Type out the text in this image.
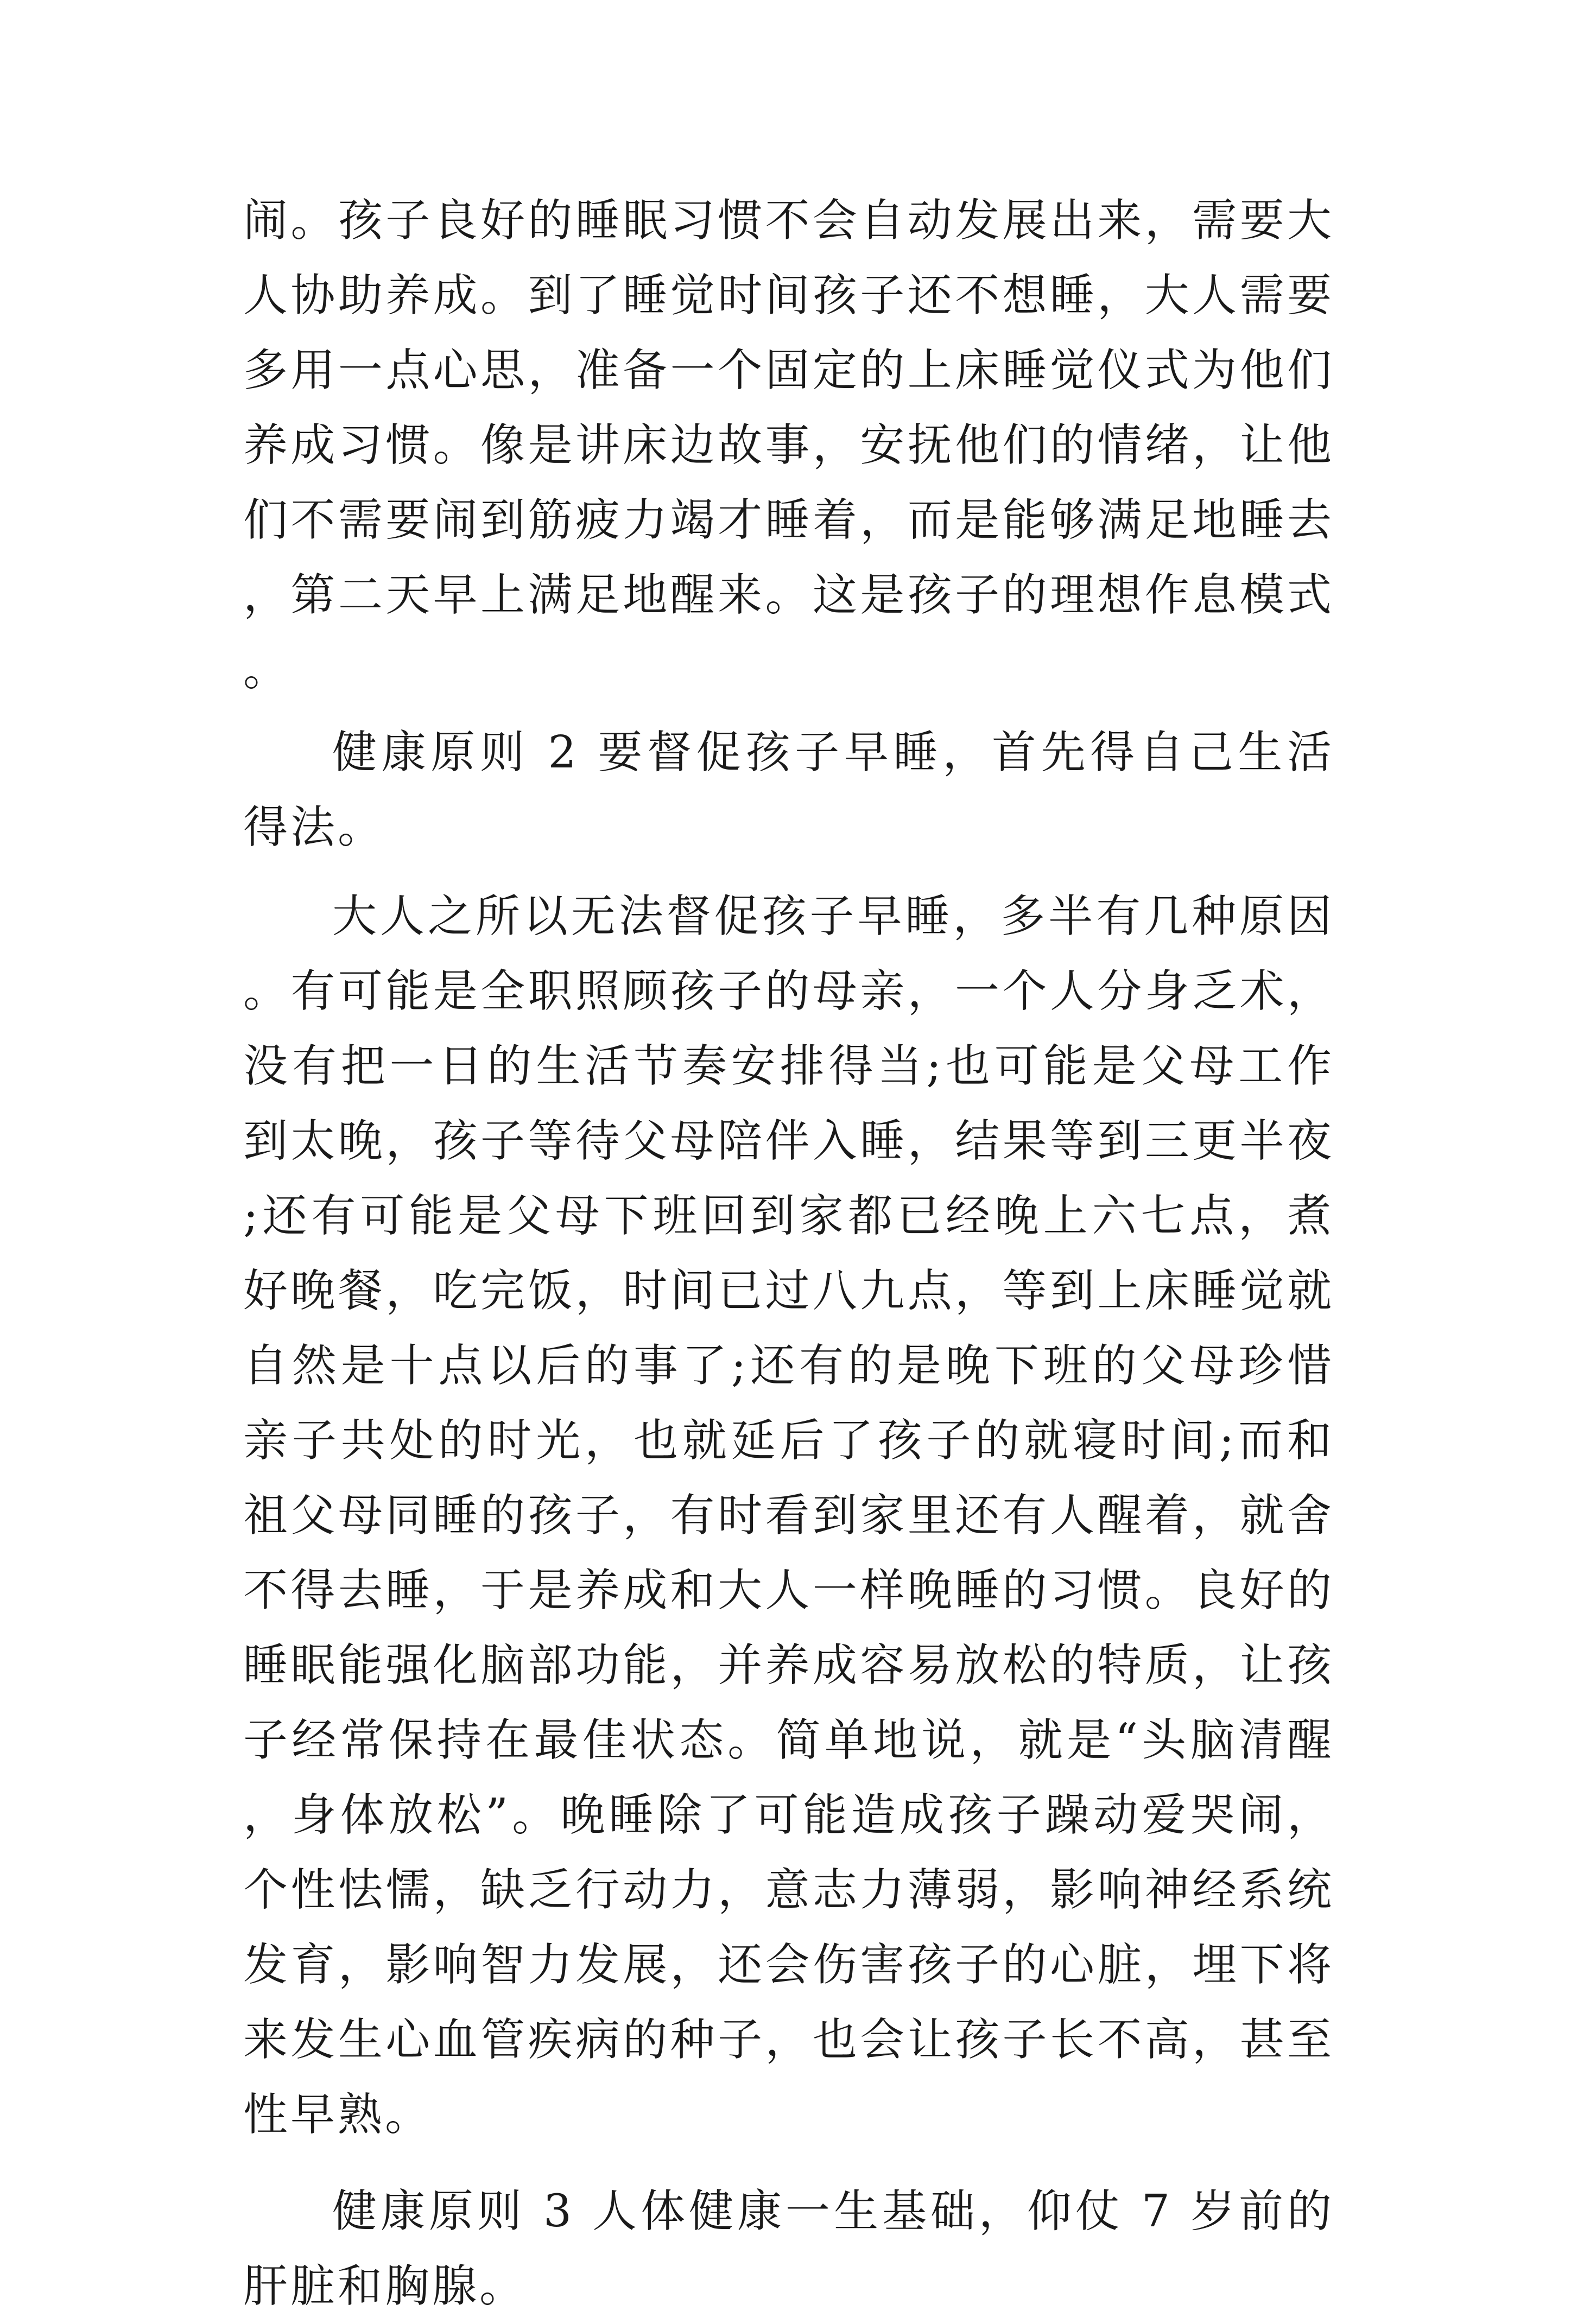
闹。孩子良好的睡眠习惯不会自动发展出来，需要大人协助养成。到了睡觉时间孩子还不想睡，大人需要多用一点心思，准备一个固定的上床睡觉仪式为他们养成习惯。像是讲床边故事，安抚他们的情绪，让他们不需要闹到筋疲力竭才睡着，而是能够满足地睡去，第二天早上满足地醒来。这是孩子的理想作息模式。

健康原则 2 要督促孩子早睡，首先得自己生活得法。

大人之所以无法督促孩子早睡，多半有几种原因。有可能是全职照顾孩子的母亲，一个人分身乏术，没有把一日的生活节奏安排得当;也可能是父母工作到太晚，孩子等待父母陪伴入睡，结果等到三更半夜;还有可能是父母下班回到家都已经晚上六七点，煮好晚餐，吃完饭，时间已过八九点，等到上床睡觉就自然是十点以后的事了;还有的是晚下班的父母珍惜亲子共处的时光，也就延后了孩子的就寝时间;而和祖父母同睡的孩子，有时看到家里还有人醒着，就舍不得去睡，于是养成和大人一样晚睡的习惯。良好的睡眠能强化脑部功能，并养成容易放松的特质，让孩子经常保持在最佳状态。简单地说，就是“头脑清醒，身体放松”。晚睡除了可能造成孩子躁动爱哭闹，个性怯懦，缺乏行动力，意志力薄弱，影响神经系统发育，影响智力发展，还会伤害孩子的心脏，埋下将来发生心血管疾病的种子，也会让孩子长不高，甚至性早熟。

健康原则 3 人体健康一生基础，仰仗 7 岁前的肝脏和胸腺。
